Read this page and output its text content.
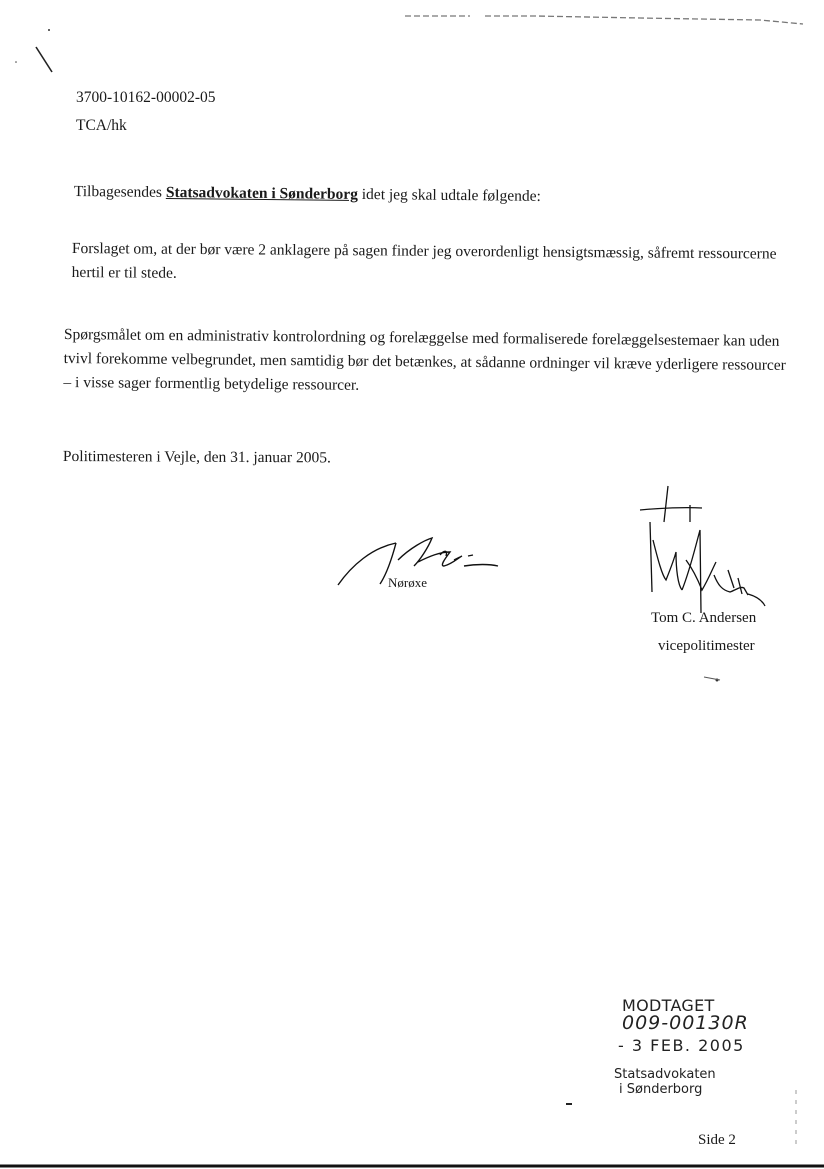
3700-10162-00002-05
TCA/hk
Tilbagesendes Statsadvokaten i Sønderborg idet jeg skal udtale følgende:
Forslaget om, at der bør være 2 anklagere på sagen finder jeg overordenligt hensigtsmæssig, såfremt ressourcerne hertil er til stede.
Spørgsmålet om en administrativ kontrolordning og forelæggelse med formaliserede forelæggelsestemaer kan uden tvivl forekomme velbegrundet, men samtidig bør det betænkes, at sådanne ordninger vil kræve yderligere ressourcer – i visse sager formentlig betydelige ressourcer.
Politimesteren i Vejle, den 31. januar 2005.
Nørøxe
Tom C. Andersen
vicepolitimester
MODTAGET
009-00130R
- 3 FEB. 2005
Statsadvokaten
i Sønderborg
Side 2
